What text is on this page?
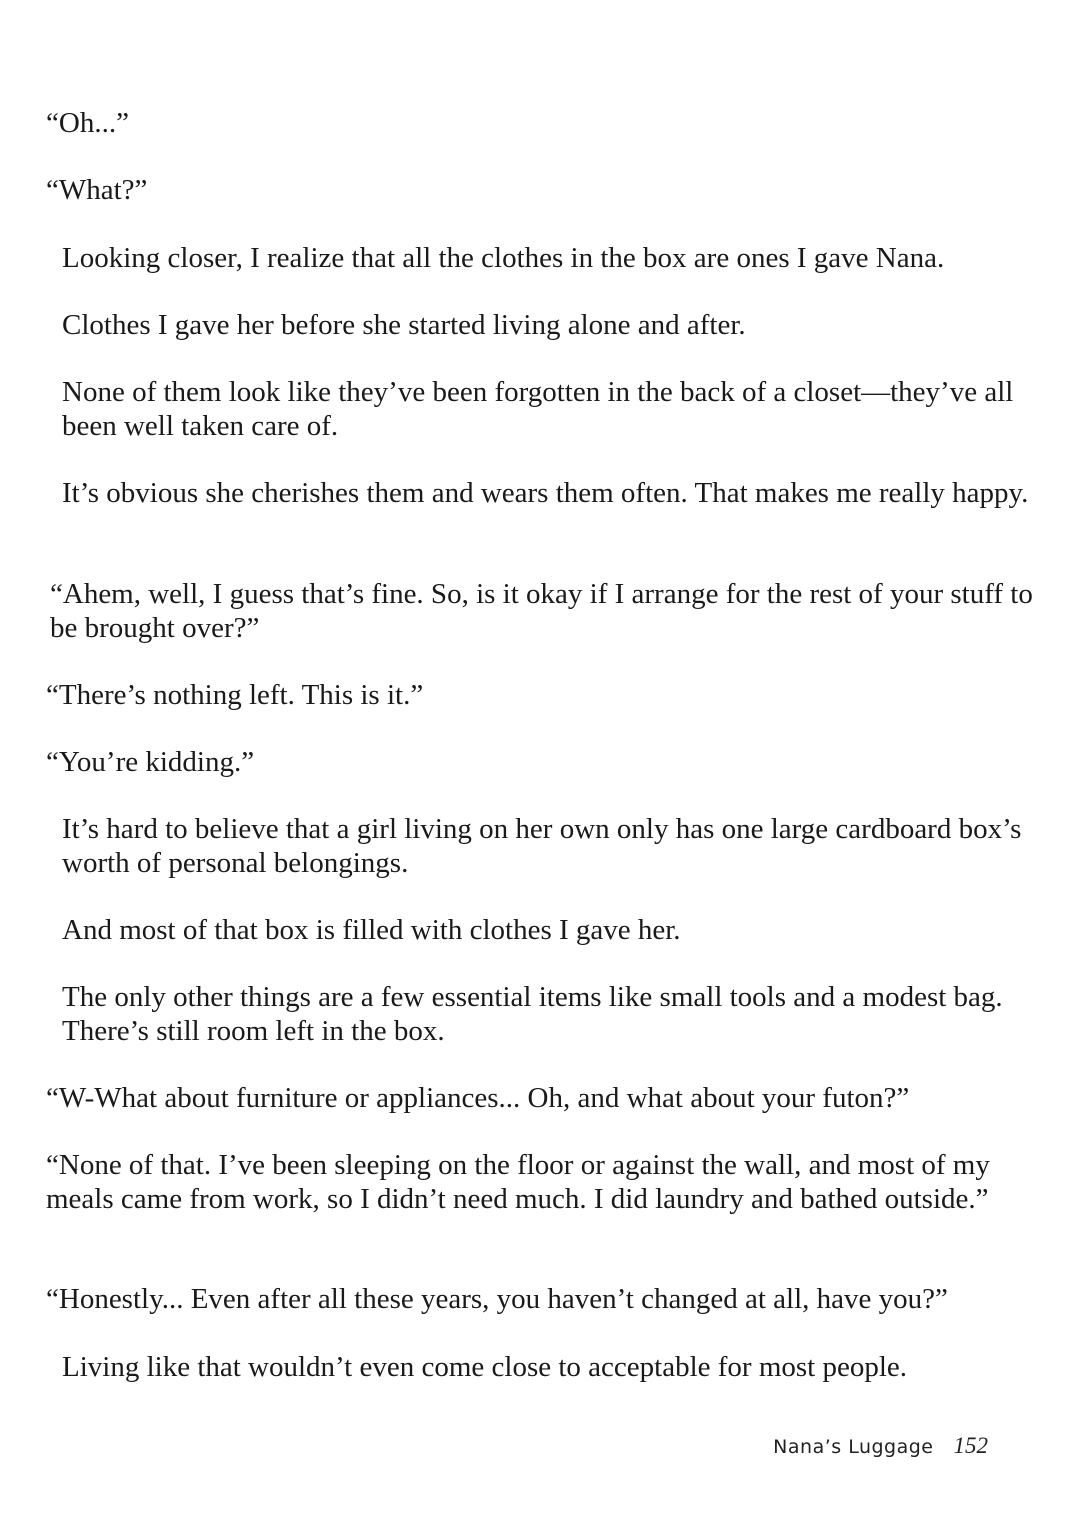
“Oh...”

“What?”

Looking closer, I realize that all the clothes in the box are ones I gave Nana.

Clothes I gave her before she started living alone and after.

None of them look like they’ve been forgotten in the back of a closet—they’ve all been well taken care of.

It’s obvious she cherishes them and wears them often. That makes me really happy.

“Ahem, well, I guess that’s fine. So, is it okay if I arrange for the rest of your stuff to be brought over?”

“There’s nothing left. This is it.”

“You’re kidding.”

It’s hard to believe that a girl living on her own only has one large cardboard box’s worth of personal belongings.

And most of that box is filled with clothes I gave her.

The only other things are a few essential items like small tools and a modest bag. There’s still room left in the box.

“W-What about furniture or appliances... Oh, and what about your futon?”

“None of that. I’ve been sleeping on the floor or against the wall, and most of my meals came from work, so I didn’t need much. I did laundry and bathed outside.”

“Honestly... Even after all these years, you haven’t changed at all, have you?”

Living like that wouldn’t even come close to acceptable for most people.

Nana’s Luggage 152
